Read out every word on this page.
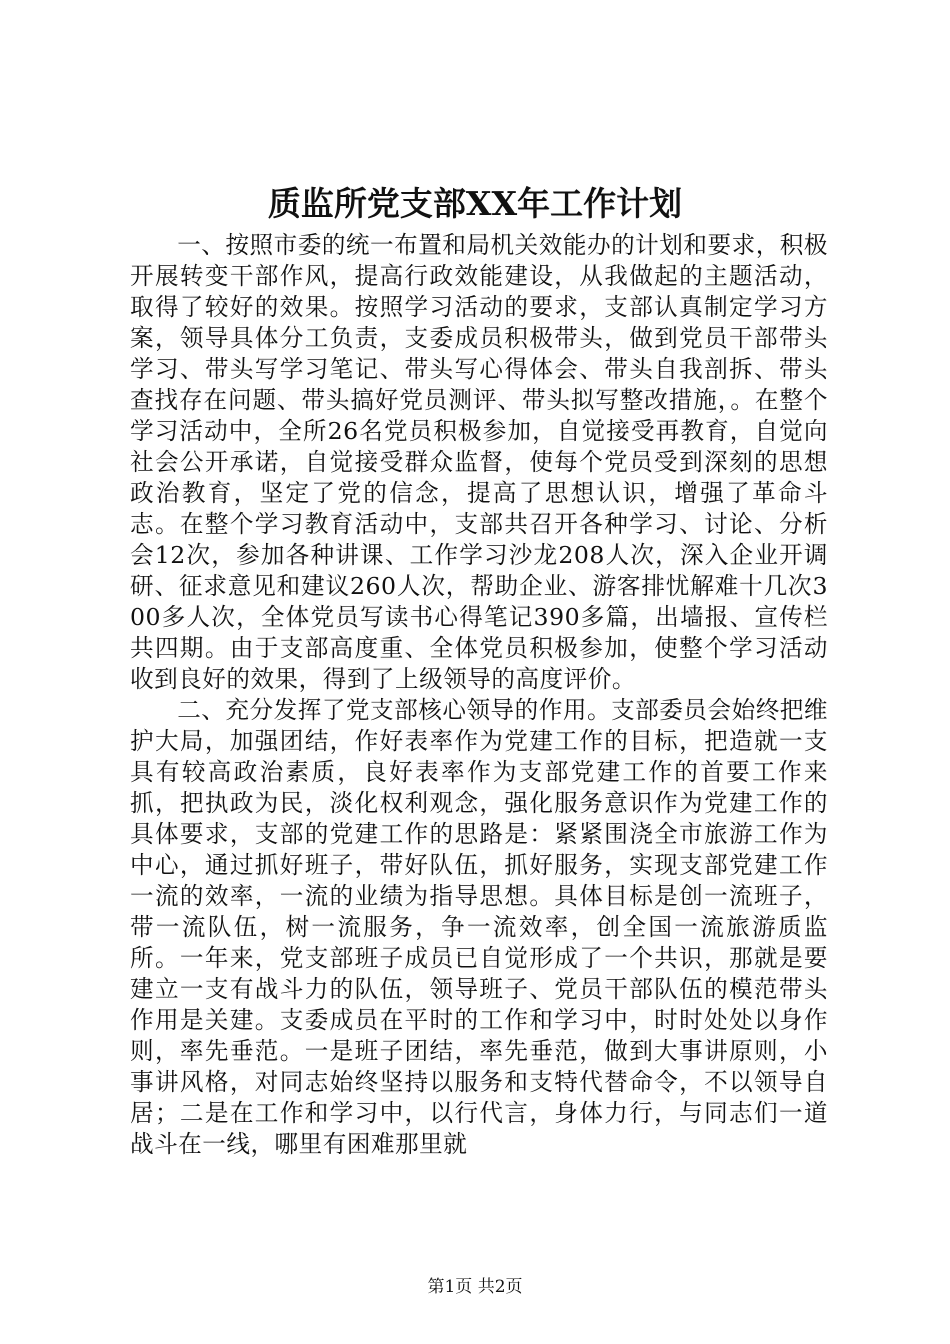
质监所党支部XX年工作计划

一、按照市委的统一布置和局机关效能办的计划和要求，积极开展转变干部作风，提高行政效能建设，从我做起的主题活动，取得了较好的效果。按照学习活动的要求，支部认真制定学习方案，领导具体分工负责，支委成员积极带头，做到党员干部带头学习、带头写学习笔记、带头写心得体会、带头自我剖拆、带头查找存在问题、带头搞好党员测评、带头拟写整改措施，。在整个学习活动中，全所26名党员积极参加，自觉接受再教育，自觉向社会公开承诺，自觉接受群众监督，使每个党员受到深刻的思想政治教育，坚定了党的信念，提高了思想认识，增强了革命斗志。在整个学习教育活动中，支部共召开各种学习、讨论、分析会12次，参加各种讲课、工作学习沙龙208人次，深入企业开调研、征求意见和建议260人次，帮助企业、游客排忧解难十几次300多人次，全体党员写读书心得笔记390多篇，出墙报、宣传栏共四期。由于支部高度重、全体党员积极参加，使整个学习活动收到良好的效果，得到了上级领导的高度评价。

二、充分发挥了党支部核心领导的作用。支部委员会始终把维护大局，加强团结，作好表率作为党建工作的目标，把造就一支具有较高政治素质，良好表率作为支部党建工作的首要工作来抓，把执政为民，淡化权利观念，强化服务意识作为党建工作的具体要求，支部的党建工作的思路是：紧紧围浇全市旅游工作为中心，通过抓好班子，带好队伍，抓好服务，实现支部党建工作一流的效率，一流的业绩为指导思想。具体目标是创一流班子，带一流队伍，树一流服务，争一流效率，创全国一流旅游质监所。一年来，党支部班子成员已自觉形成了一个共识，那就是要建立一支有战斗力的队伍，领导班子、党员干部队伍的模范带头作用是关建。支委成员在平时的工作和学习中，时时处处以身作则，率先垂范。一是班子团结，率先垂范，做到大事讲原则，小事讲风格，对同志始终坚持以服务和支特代替命令，不以领导自居；二是在工作和学习中，以行代言，身体力行，与同志们一道战斗在一线，哪里有困难那里就

第1页 共2页
